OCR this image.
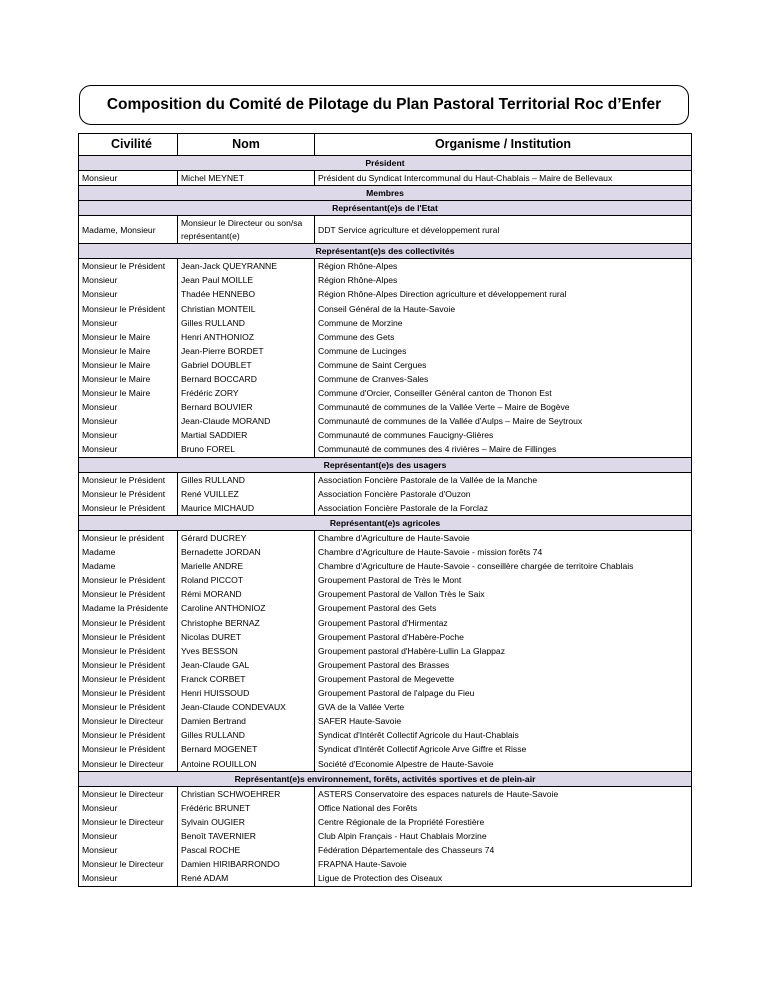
Composition du Comité de Pilotage du Plan Pastoral Territorial Roc d’Enfer
Civilité	Nom	Organisme / Institution
Président		
Monsieur	Michel MEYNET	Président du Syndicat Intercommunal du Haut-Chablais – Maire de Bellevaux
Membres		
Représentant(e)s de l'Etat		
Madame, Monsieur	Monsieur le Directeur ou son/sa représentant(e)	DDT Service agriculture et développement rural
Représentant(e)s des collectivités		
Monsieur le Président	Jean-Jack QUEYRANNE	Région Rhône-Alpes
Monsieur	Jean Paul MOILLE	Région Rhône-Alpes
Monsieur	Thadée HENNEBO	Région Rhône-Alpes Direction agriculture et développement rural
Monsieur le Président	Christian MONTEIL	Conseil Général de la Haute-Savoie
Monsieur	Gilles RULLAND	Commune de Morzine
Monsieur le Maire	Henri ANTHONIOZ	Commune des Gets
Monsieur le Maire	Jean-Pierre BORDET	Commune de Lucinges
Monsieur le Maire	Gabriel DOUBLET	Commune de Saint Cergues
Monsieur le Maire	Bernard BOCCARD	Commune de Cranves-Sales
Monsieur le Maire	Frédéric ZORY	Commune d'Orcier, Conseiller Général canton de Thonon Est
Monsieur	Bernard BOUVIER	Communauté de communes de la Vallée Verte – Maire de Bogève
Monsieur	Jean-Claude MORAND	Communauté de communes de la Vallée d'Aulps – Maire de Seytroux
Monsieur	Martial SADDIER	Communauté de communes Faucigny-Glières
Monsieur	Bruno FOREL	Communauté de communes des 4 rivières – Maire de Fillinges
Représentant(e)s des usagers		
Monsieur le Président	Gilles RULLAND	Association Foncière Pastorale de la Vallée de la Manche
Monsieur le Président	René VUILLEZ	Association Foncière Pastorale d'Ouzon
Monsieur le Président	Maurice MICHAUD	Association Foncière Pastorale de la Forclaz
Représentant(e)s agricoles		
Monsieur le président	Gérard DUCREY	Chambre d'Agriculture de Haute-Savoie
Madame	Bernadette JORDAN	Chambre d'Agriculture de Haute-Savoie - mission forêts 74
Madame	Marielle ANDRE	Chambre d'Agriculture de Haute-Savoie - conseillère chargée de territoire Chablais
Monsieur le Président	Roland PICCOT	Groupement Pastoral de Très le Mont
Monsieur le Président	Rémi MORAND	Groupement Pastoral de Vallon Très le Saix
Madame la Présidente	Caroline ANTHONIOZ	Groupement Pastoral des Gets
Monsieur le Président	Christophe BERNAZ	Groupement Pastoral d'Hirmentaz
Monsieur le Président	Nicolas DURET	Groupement Pastoral d'Habère-Poche
Monsieur le Président	Yves BESSON	Groupement pastoral d'Habère-Lullin La Glappaz
Monsieur le Président	Jean-Claude GAL	Groupement Pastoral des Brasses
Monsieur le Président	Franck CORBET	Groupement Pastoral de Megevette
Monsieur le Président	Henri HUISSOUD	Groupement Pastoral de l'alpage du Fieu
Monsieur le Président	Jean-Claude CONDEVAUX	GVA de la Vallée Verte
Monsieur le Directeur	Damien Bertrand	SAFER Haute-Savoie
Monsieur le Président	Gilles RULLAND	Syndicat d'Intérêt Collectif Agricole du Haut-Chablais
Monsieur le Président	Bernard MOGENET	Syndicat d'Intérêt Collectif Agricole Arve Giffre et Risse
Monsieur le Directeur	Antoine ROUILLON	Société d'Economie Alpestre de Haute-Savoie
Représentant(e)s environnement, forêts, activités sportives et de plein-air		
Monsieur le Directeur	Christian SCHWOEHRER	ASTERS Conservatoire des espaces naturels de Haute-Savoie
Monsieur	Frédéric BRUNET	Office National des Forêts
Monsieur le Directeur	Sylvain OUGIER	Centre Régionale de la Propriété Forestière
Monsieur	Benoît TAVERNIER	Club Alpin Français - Haut Chablais Morzine
Monsieur	Pascal ROCHE	Fédération Départementale des Chasseurs 74
Monsieur le Directeur	Damien HIRIBARRONDO	FRAPNA Haute-Savoie
Monsieur	René ADAM	Ligue de Protection des Oiseaux
